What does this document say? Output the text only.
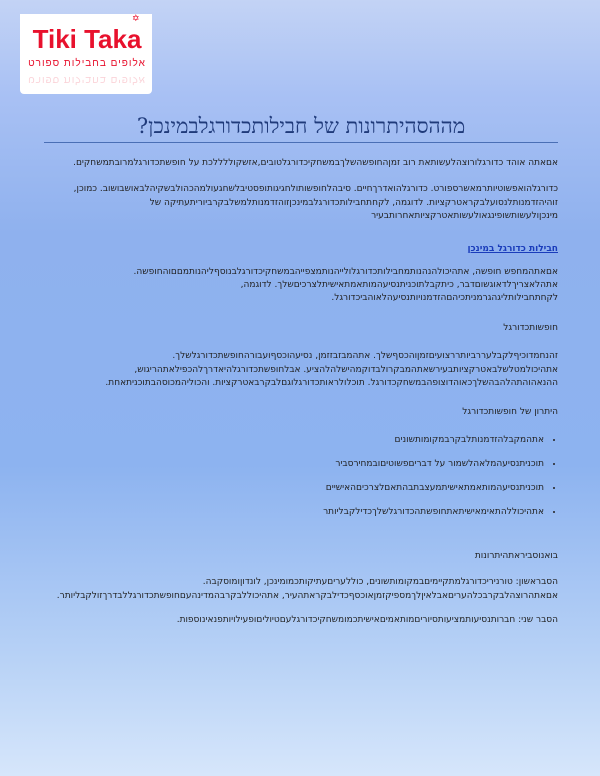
Tiki Taka
✡
אלופים בחבילות ספורט
אלופים בחבילות ספורט
מההסהיתרונות של חבילותכדורגלבמינכן?

אםאתה אוהד כדורגלורוצהלעשותאת רוב זמןהחופשהשלךבמשחקיכדורגלטובים,אזשקוללללכת על חופשתכדורגלמרובתמשחקים.

כדורגלהואפשוטיותרמאשרספורט. כדורגלהואדרךחיים. סיבהלחופשותולחגיגותופסטיבלשחגעולמהכהולבשקיהלבאושבושוב. כמוכן, זוהיהזדמנותלנסועלבקראטרקציות. לדוגמה, לקחתחבילותכדורגלבמינכןזוהזדמנותלמשלבקרביוריתעתיקה של מינכןולעשותשופינגאולעשותאטרקציותאחרותבעיר

חבילות כדורגל במינכן

אםאתהמחפש חופשה, אתהיכולהנהנותמחבילותכדורגלולייהנותמצפייהבמשחקיכדורגלבנוסףליהנותמםםוהחופשה. אתהלאצריךלדאוגשוםדבר, כיתקבלתוכניתנסיעהמותאמתאישיתלצרכיםשלך. לדוגמה, לקחתחבילותליגהגרמניתכיהםהזדמנויותנסיעהלאוהביכדורגל.

חופשותכדורגל

זהנחמדוכיףלקבלעררביותררצועיםזמןוהכסףשלך. אתהמבזבזזמן, נסיעהוכסףועבורהחופשתכדורגלשלך. אתהיכולמטלשלבאטרקציותבעירשאתהמבקרולבדוקמהישלהלהציע. אבלחופשתכדורגלהיאדרךלהכפילאתהריגוש, ההנאהוהתהלהבהשלךכאוהדוצופהבמשחקכדורגל. תוכלולראותכדורגלוגםלבקרבאטרקציות. והכוליהמכוסהבתוכניתאחת.

היתרון של חופשותכדורגל

• אתהמקבלהזדמנותלבקרבמקומותשונים
• תוכניתנסיעהמלאהלשמור על דבריםפשוטיםובמחירסביר
• תוכניתנסיעהמותאמתאישיתמעצבתבהתאםלצרכיםהאישיים
• אתהיכוללהתאימאישיתאתחופשתהכדורגלשלךכדילקבליותר

בואנוסביראתהיתרונות

הסבראשון: טורניריכדורגלמתקיימיםבמקומותשונים, כוללעריםעתיקותכמומינכן, לונדוןומוסקבה. אםאתהרוצהלבקרבכלהעריםאבלאיןלךמספיקזמןאוכסףכדילבקראתהעיר, אתהיכוללבקרבהמדינהעםחופשתכדורגללבדרךזולקבליותר.

הסבר שני: חברותנסיעותמציעותסיוריםמותאמיםאישיתכמומשחקיכדורגלעםטיוליםופעילויותפנאינוספות.
